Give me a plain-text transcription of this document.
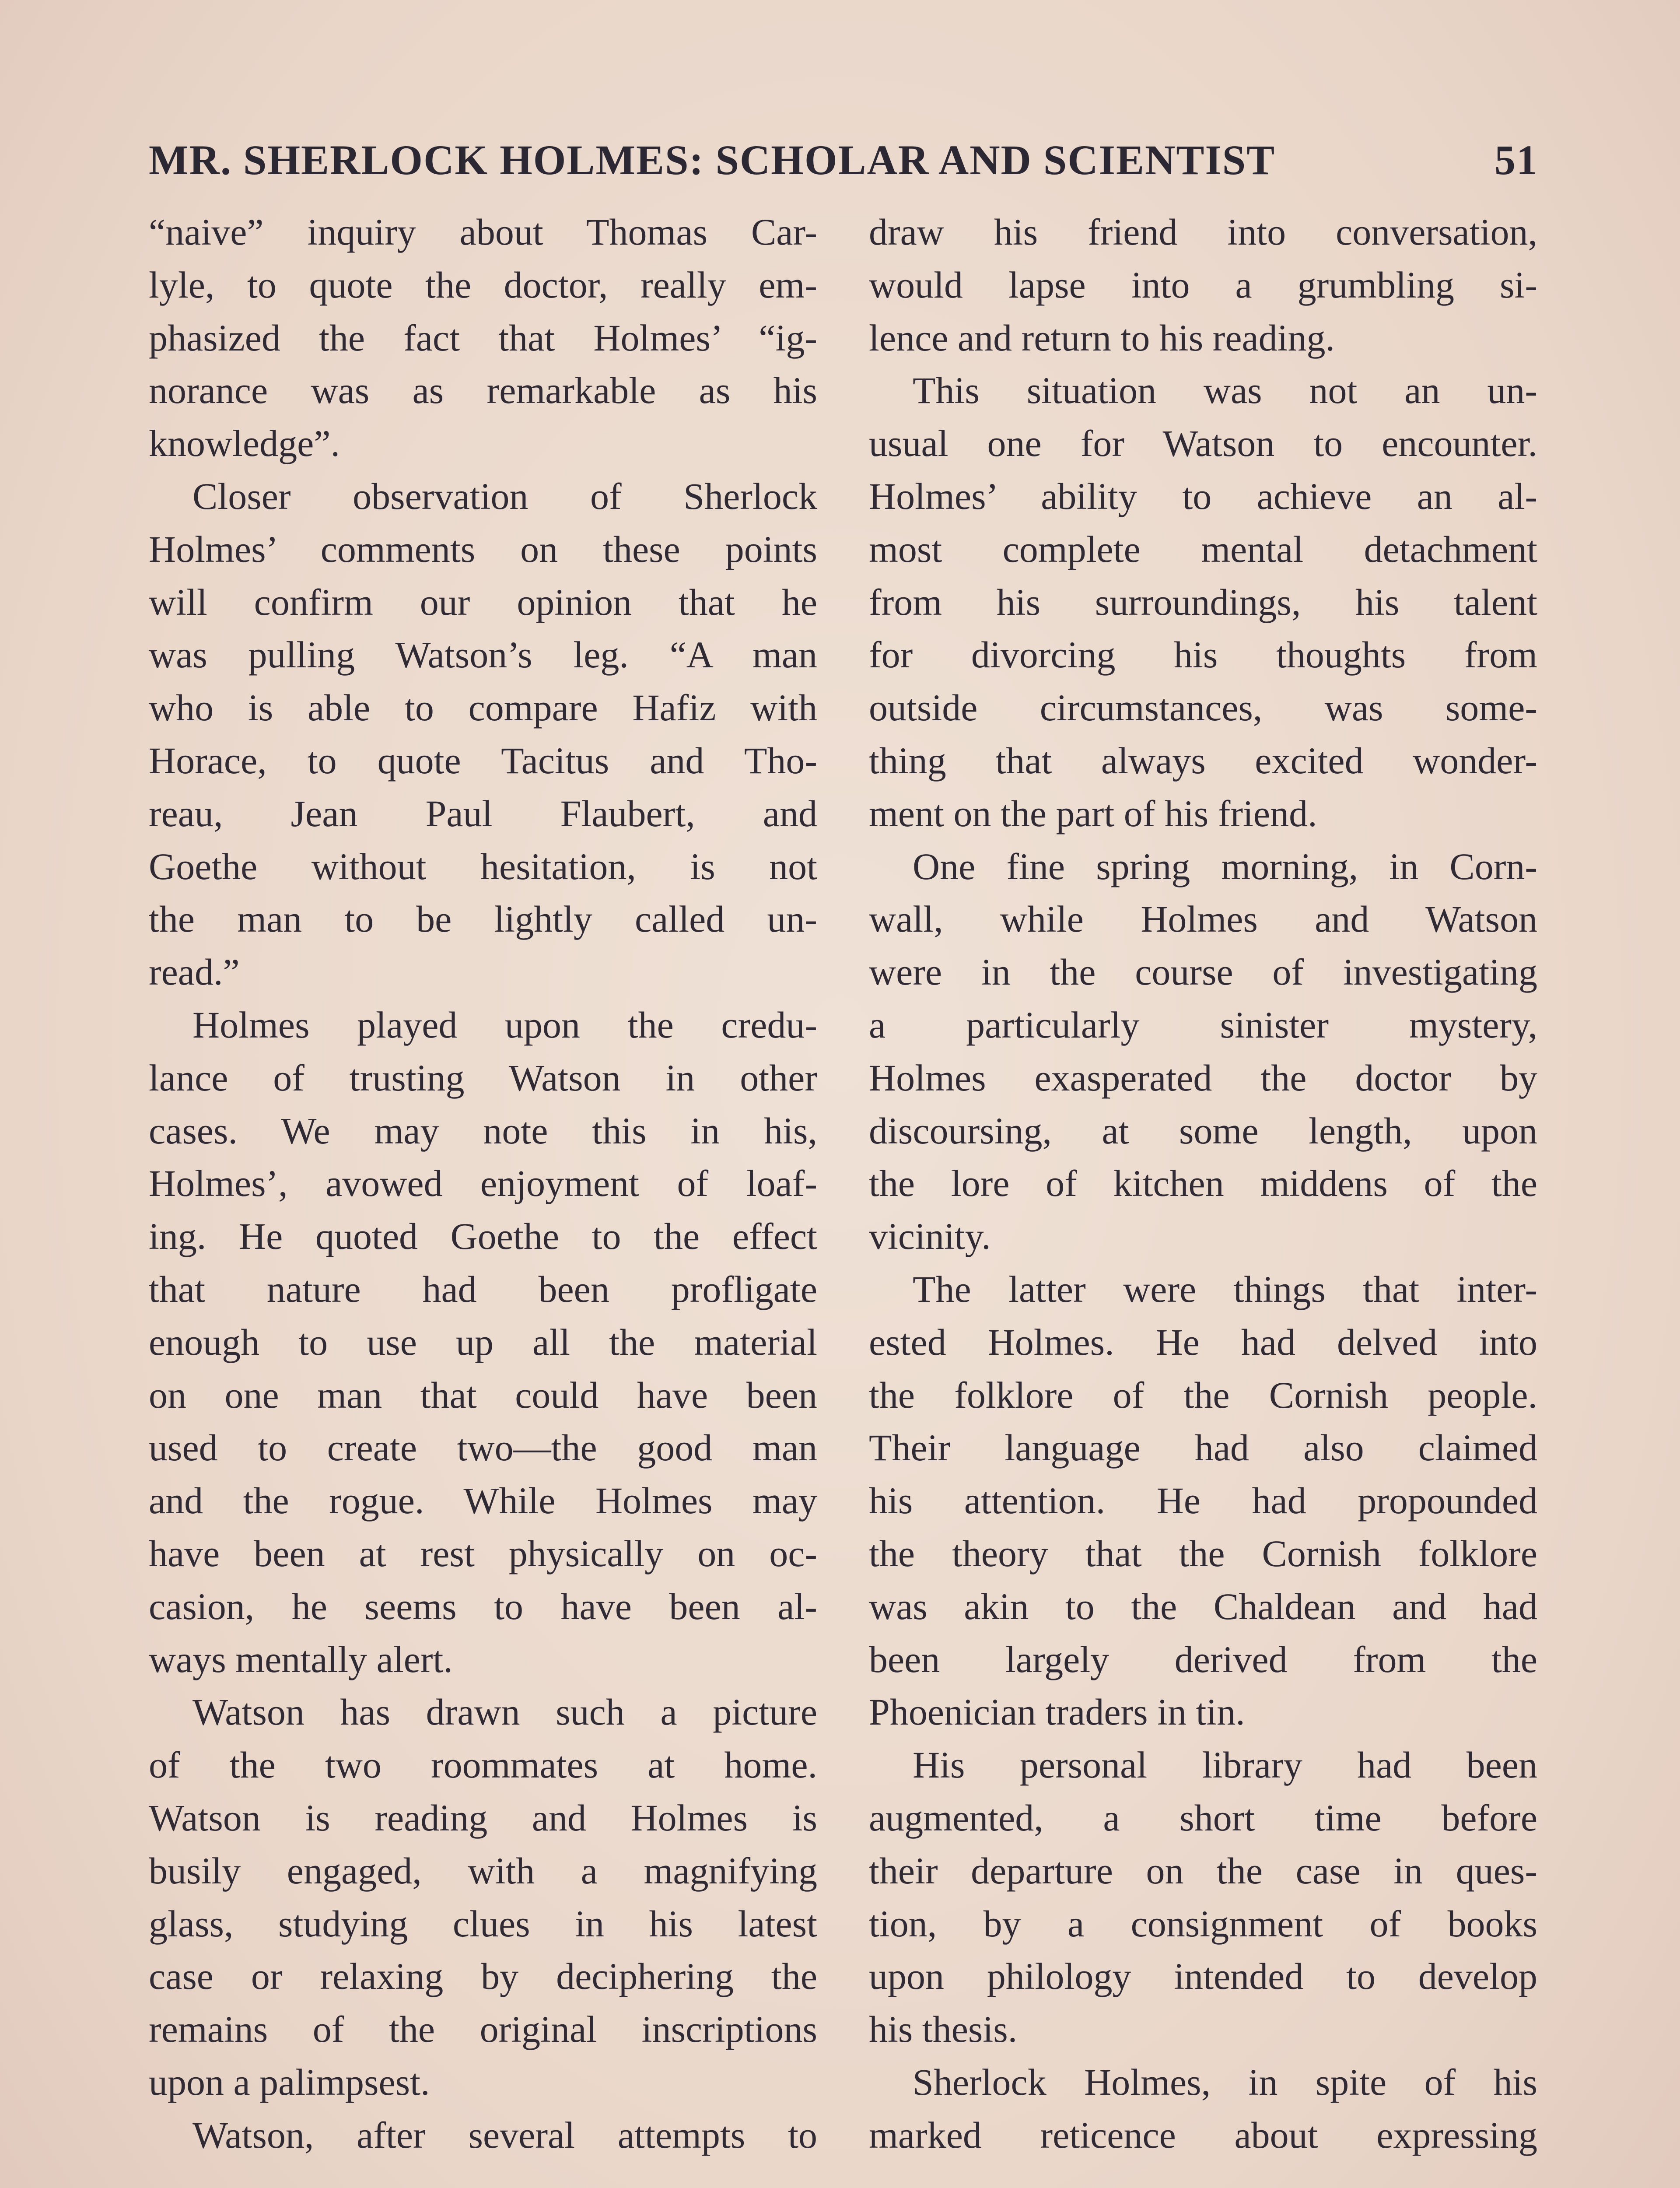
MR. SHERLOCK HOLMES: SCHOLAR AND SCIENTIST	51
“naive” inquiry about Thomas Car-
lyle, to quote the doctor, really em-
phasized the fact that Holmes’ “ig-
norance was as remarkable as his
knowledge”.
Closer observation of Sherlock
Holmes’ comments on these points
will confirm our opinion that he
was pulling Watson’s leg. “A man
who is able to compare Hafiz with
Horace, to quote Tacitus and Tho-
reau, Jean Paul Flaubert, and
Goethe without hesitation, is not
the man to be lightly called un-
read.”
Holmes played upon the credu-
lance of trusting Watson in other
cases. We may note this in his,
Holmes’, avowed enjoyment of loaf-
ing. He quoted Goethe to the effect
that nature had been profligate
enough to use up all the material
on one man that could have been
used to create two—the good man
and the rogue. While Holmes may
have been at rest physically on oc-
casion, he seems to have been al-
ways mentally alert.
Watson has drawn such a picture
of the two roommates at home.
Watson is reading and Holmes is
busily engaged, with a magnifying
glass, studying clues in his latest
case or relaxing by deciphering the
remains of the original inscriptions
upon a palimpsest.
Watson, after several attempts to
draw his friend into conversation,
would lapse into a grumbling si-
lence and return to his reading.
This situation was not an un-
usual one for Watson to encounter.
Holmes’ ability to achieve an al-
most complete mental detachment
from his surroundings, his talent
for divorcing his thoughts from
outside circumstances, was some-
thing that always excited wonder-
ment on the part of his friend.
One fine spring morning, in Corn-
wall, while Holmes and Watson
were in the course of investigating
a particularly sinister mystery,
Holmes exasperated the doctor by
discoursing, at some length, upon
the lore of kitchen middens of the
vicinity.
The latter were things that inter-
ested Holmes. He had delved into
the folklore of the Cornish people.
Their language had also claimed
his attention. He had propounded
the theory that the Cornish folklore
was akin to the Chaldean and had
been largely derived from the
Phoenician traders in tin.
His personal library had been
augmented, a short time before
their departure on the case in ques-
tion, by a consignment of books
upon philology intended to develop
his thesis.
Sherlock Holmes, in spite of his
marked reticence about expressing
